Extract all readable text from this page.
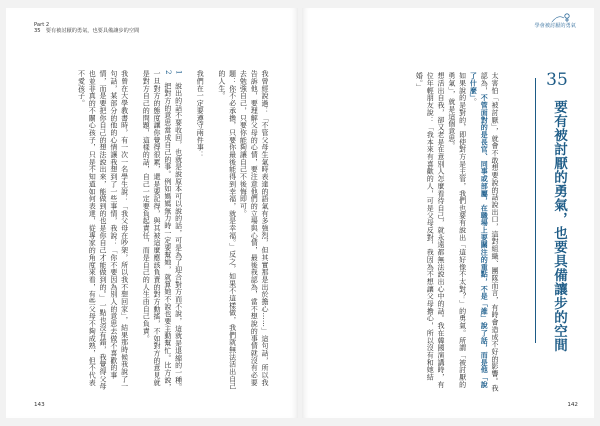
Part 2
35　要有被討厭的勇氣，也要具備讓步的空間
我曾經說過：「不管父母生氣時表達的語氣有多強烈，但其實那是出於擔心……」這句話，所以我告訴他，要理解父母的心情，要注意他們的立場與心情，最後我認為，當不想說的事情就沒有必要去勉強自己，只要你能夠讓自己不後悔即可。
題：你不必承擔，只要你最後能得到幸福，就是幸福。」反之，如果不這樣做，我們就無法活出自己的人生。

我們在一定要遵守兩件事：

1　說出的話不要收回，也就是說原本可以說的話，可是為了迎合對方而不說，這就是退縮的一種。
2　把對方的意思當成自己的事。例如媽媽無力時一定要幫她，就算她不說也要主動幫忙。比方說，一旦對方的態度讓你覺得很累，還是要記得，與其被這麼應該負責的對方動搖，不如對方的意見就是對方自己的問題，這樣的話，自己一定要負起責任，而是自己的人生由自己負責。

我曾在大學教書時，有一次一名學生說：「我父母在吵架，所以我不想回家」，結果那時候我說了一句話，某部分的他的心情讓我想到了一些事情，我說：「你不要因為別人的意思去做不喜歡的事情，而是要把你自己的想法說出來，能做到的也是你自己才能做到的。」一點也沒有錯，我覺得父母也並非真的不關心孩子，只是不知道如何表達，從專家的角度來看，有些父母不夠成熟，但不代表不愛孩子。
143
學會被討厭的勇氣
35
要有被討厭的勇氣，也要具備讓步的空間
太害怕「被討厭」，就會不敢想要說的話說出口，這對組織、團隊而言，有時會造成不好的影響。我認為，不管面對的是長官、同事或部屬，在職場上要關注的重點，不是「誰」說了話，而是他「說了什麼」。
如果說的是對的，即使對方是主管，我們也要有說出「這好像不太對？」的勇氣。所謂「被討厭的勇氣」，就是這個意思。
想活出自我，卻又老是在意別人怎麼看待自己，就永遠都無法說出心中的話。我在韓國演講時，有位年輕朋友說：「我本來有喜歡的人，可是父母反對，我因為不想讓父母擔心，所以沒有和她結婚。」
142
